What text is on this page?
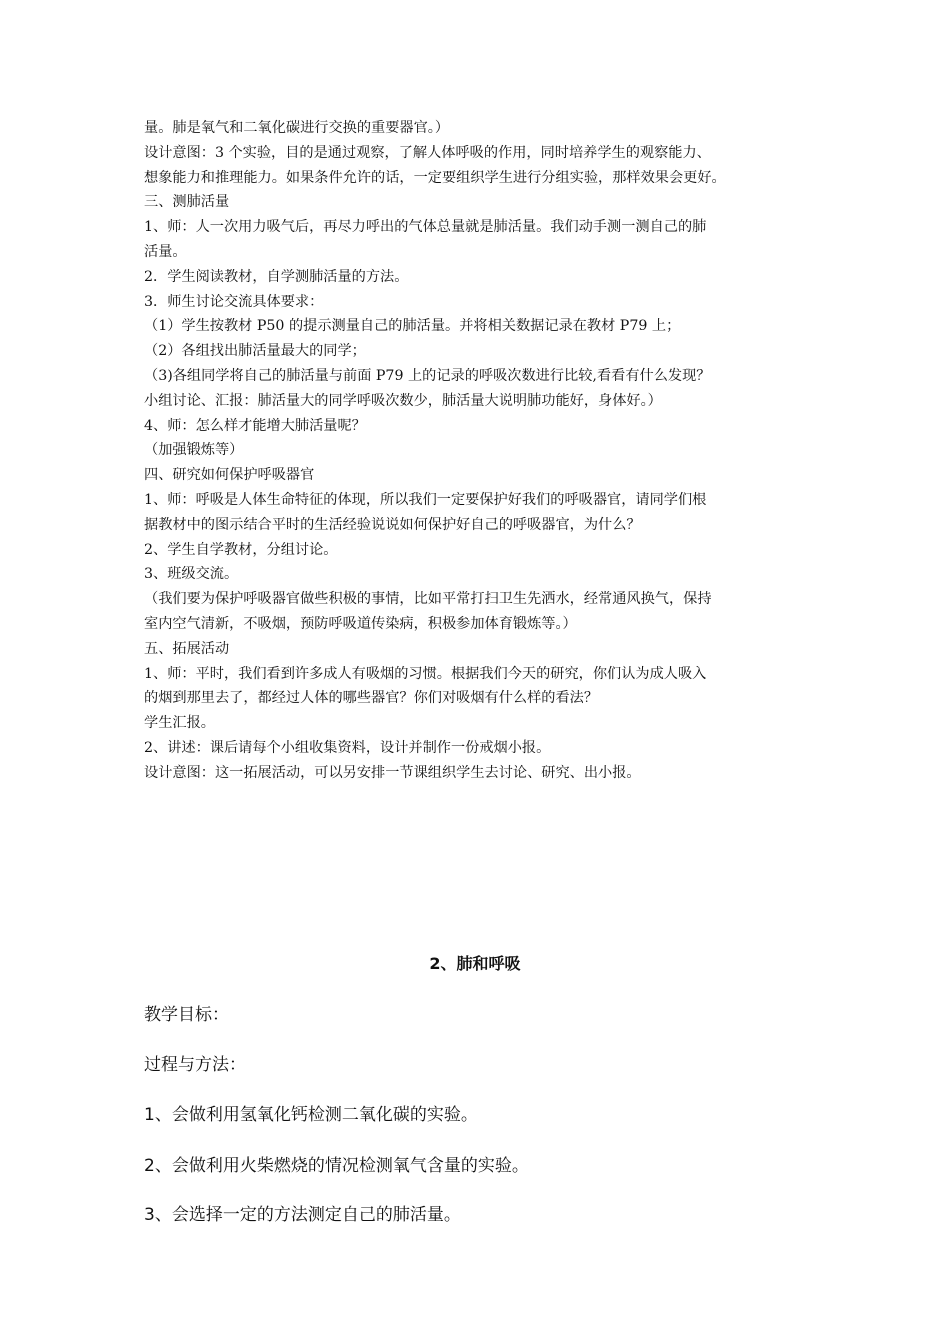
量。肺是氧气和二氧化碳进行交换的重要器官。）
设计意图：3 个实验，目的是通过观察，了解人体呼吸的作用，同时培养学生的观察能力、
想象能力和推理能力。如果条件允许的话，一定要组织学生进行分组实验，那样效果会更好。
三、测肺活量
1、师：人一次用力吸气后，再尽力呼出的气体总量就是肺活量。我们动手测一测自己的肺
活量。
2．学生阅读教材，自学测肺活量的方法。
3．师生讨论交流具体要求：
（1）学生按教材 P50 的提示测量自己的肺活量。并将相关数据记录在教材 P79 上；
（2）各组找出肺活量最大的同学；
（3)各组同学将自己的肺活量与前面 P79 上的记录的呼吸次数进行比较,看看有什么发现？
小组讨论、汇报：肺活量大的同学呼吸次数少，肺活量大说明肺功能好，身体好。）
4、师：怎么样才能增大肺活量呢？
（加强锻炼等）
四、研究如何保护呼吸器官
1、师：呼吸是人体生命特征的体现，所以我们一定要保护好我们的呼吸器官，请同学们根
据教材中的图示结合平时的生活经验说说如何保护好自己的呼吸器官，为什么？
2、学生自学教材，分组讨论。
3、班级交流。
（我们要为保护呼吸器官做些积极的事情，比如平常打扫卫生先洒水，经常通风换气，保持
室内空气清新，不吸烟，预防呼吸道传染病，积极参加体育锻炼等。）
五、拓展活动
1、师：平时，我们看到许多成人有吸烟的习惯。根据我们今天的研究，你们认为成人吸入
的烟到那里去了，都经过人体的哪些器官？你们对吸烟有什么样的看法？
学生汇报。
2、讲述：课后请每个小组收集资料，设计并制作一份戒烟小报。
设计意图：这一拓展活动，可以另安排一节课组织学生去讨论、研究、出小报。
2、肺和呼吸
教学目标：
过程与方法：
1、会做利用氢氧化钙检测二氧化碳的实验。
2、会做利用火柴燃烧的情况检测氧气含量的实验。
3、会选择一定的方法测定自己的肺活量。
